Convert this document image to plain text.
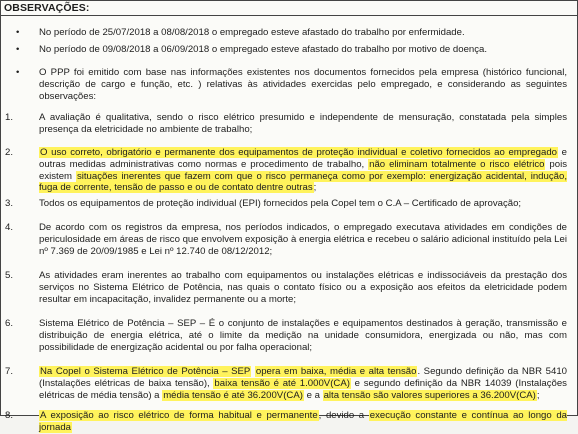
OBSERVAÇÕES:
• No período de 25/07/2018 a 08/08/2018 o empregado esteve afastado do trabalho por enfermidade.
• No período de 09/08/2018 a 06/09/2018 o empregado esteve afastado do trabalho por motivo de doença.
• O PPP foi emitido com base nas informações existentes nos documentos fornecidos pela empresa (histórico funcional, descrição de cargo e função, etc. ) relativas às atividades exercidas pelo empregado, e considerando as seguintes observações:
1.	A avaliação é qualitativa, sendo o risco elétrico presumido e independente de mensuração, constatada pela simples presença da eletricidade no ambiente de trabalho;
2.	O uso correto, obrigatório e permanente dos equipamentos de proteção individual e coletivo fornecidos ao empregado e outras medidas administrativas como normas e procedimento de trabalho, não eliminam totalmente o risco elétrico pois existem situações inerentes que fazem com que o risco permaneça como por exemplo: energização acidental, indução, fuga de corrente, tensão de passo e ou de contato dentre outras;
3.	Todos os equipamentos de proteção individual (EPI) fornecidos pela Copel tem o C.A – Certificado de aprovação;
4.	De acordo com os registros da empresa, nos períodos indicados, o empregado executava atividades em condições de periculosidade em áreas de risco que envolvem exposição à energia elétrica e recebeu o salário adicional instituído pela Lei nº 7.369 de 20/09/1985 e Lei nº 12.740 de 08/12/2012;
5.	As atividades eram inerentes ao trabalho com equipamentos ou instalações elétricas e indissociáveis da prestação dos serviços no Sistema Elétrico de Potência, nas quais o contato físico ou a exposição aos efeitos da eletricidade podem resultar em incapacitação, invalidez permanente ou a morte;
6.	Sistema Elétrico de Potência – SEP – É o conjunto de instalações e equipamentos destinados à geração, transmissão e distribuição de energia elétrica, até o limite da medição na unidade consumidora, energizada ou não, mas com possibilidade de energização acidental ou por falha operacional;
7.	Na Copel o Sistema Elétrico de Potência – SEP opera em baixa, média e alta tensão. Segundo definição da NBR 5410 (Instalações elétricas de baixa tensão), baixa tensão é até 1.000V(CA) e segundo definição da NBR 14039 (Instalações elétricas de média tensão) a média tensão é até 36.200V(CA) e a alta tensão são valores superiores a 36.200V(CA);
8.	A exposição ao risco elétrico de forma habitual e permanente, devido a execução constante e contínua ao longo da jornada
